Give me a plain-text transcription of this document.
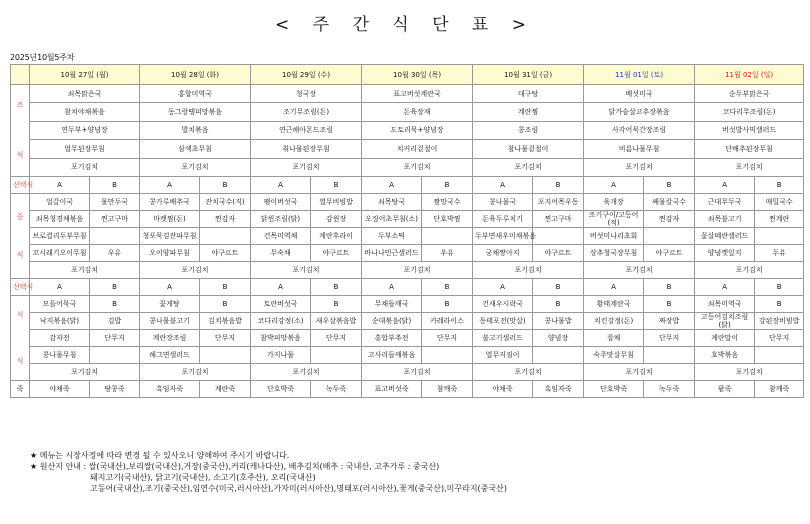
< 주 간 식 단 표 >
2025년10월5주차
	10월 27일 (월)		10월 28일 (화)		10월 29일 (수)		10월 30일 (목)		10월 31일 (금)		11월 01일 (토)		11월 02일 (일)	

조
식	쇠목맑은국		홍합미역국		청국장		표고버섯계란국		대구탕		배섯미국		순두부맑은국	
	참치야채볶음		동그랑땡피망볶음		조기무조림(돈)		돈육장재		계란찜		닭가슴살고추장볶음		코다리무조림(돈)	
	연두부+양념장		멸치볶음		연근해아몬드조림		도토리묵+양념장		콩조림		사각어묵간장조림		버섯발사믹샐러드	
	얼무된장무침		삼색초무침		취나물된장무침		치커리겉절이		참나물겉절이		비름나물무침		단배추된장무침	
	포기김치		포기김치		포기김치		포기김치		포기김치		포기김치		포기김치	
선택식	A	B	A	B	A	B	A	B	A	B	A	B	A	B

중
식	얼갈이국	물만두국	콩가루배추국	잔치국수(직)	팽이버섯국	열무비빔밥	쇠목탕국	짬망국수	콩나물국	포지어목우동	육개장	쌔물칼국수	근대무두국	매밀국수
	쇠목청경채볶음	찐고구마	마켓찜(돈)	찐감자	닭윈조림(닭)	감윈장	오징어초무침(소)	단호박찜	돈육두루치기	찐고구마	조기구이/고등어(적)	찐감자	쇠목불고기	찐계란
	브로컬리두부무침		청포묵김잔파무침		건목미역채	계란후라이	두부소떡		두부면새우미채볶음		버섯미나리초회		꽃살떼란샐러드	
	꼬시래기오이무침	우유	오이양파무침	야구르트	무숙채	야구르트	바나나민근샐러드	우유	궁채짱아지	야구르트	상추청국장무침	야구르트	양념깻잎지	두유
	포기김치		포기김치		포기김치		포기김치		포기김치		포기김치		포기김치	
선택식	A	B	A	B	A	B	A	B	A	B	A	B	A	B

석
식	모듬어묵국	B	꽃게탕	B	토란버섯국	B	무채들깨국	B	건새우시락국	B	황태계란국	B	쇠목미역국	B
	낙지볶음(닭)	김밥	콩나물불고기	김치볶음밥	코다리강정(소)	새우살볶음밥	순대볶음(닭)	카레라이스	동태포전(맛살)	콩나물밥	치킨강정(돈)	짜장밥	고등어김치조림(닭)	강된장비빔밥
	감자전	단무지	계란장조림	단무지	참박피망볶음	단무지	흥합부추전	단무지	불고기샐러드	양념장	잡채	단무지	계란말이	단무지
	콩나물무침		해그면샐러드		가지나물		고사리들깨볶음		열무지짐이		숙주맛살무침		호박볶음	
	포기김치		포기김치		포기김치		포기김치		포기김치		포기김치		포기김치	
죽	야채죽	땅콩죽	흑임자죽	계란죽	단호박죽	녹두죽	표고버섯죽	참깨죽	야채죽	흑임자죽	단호박죽	녹두죽	팥죽	참깨죽
★ 메뉴는 시장사정에 따라 변경 될 수 있사오니 양해하여 주시기 바랍니다.
★ 원산지 안내 : 쌀(국내산),보리쌀(국내산),거장(중국산),커리(캐나다산), 배추김치(배추 : 국내산, 고추가루 : 중국산)
돼지고기(국내산), 닭고기(국내산), 소고기(호주산), 오리(국내산)
고등어(국내산),조기(중국산),임연수(미국,러시아산),가자미(러시아산),명태포(러시아산),꽃게(중국산),미꾸라지(중국산)
